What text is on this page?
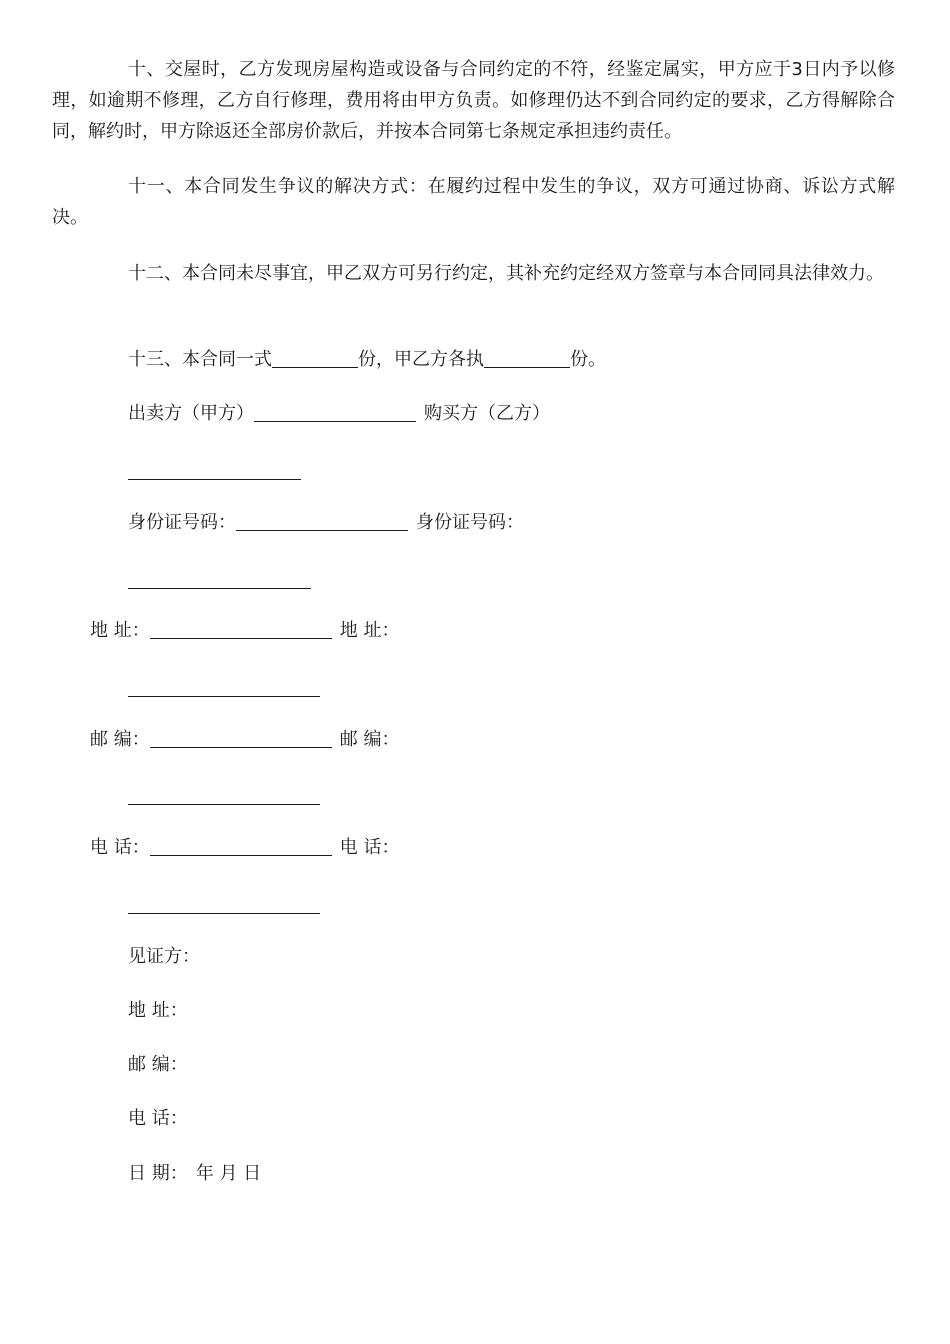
十、交屋时，乙方发现房屋构造或设备与合同约定的不符，经鉴定属实，甲方应于3日内予以修理，如逾期不修理，乙方自行修理，费用将由甲方负责。如修理仍达不到合同约定的要求，乙方得解除合同，解约时，甲方除返还全部房价款后，并按本合同第七条规定承担违约责任。

十一、本合同发生争议的解决方式：在履约过程中发生的争议，双方可通过协商、诉讼方式解决。

十二、本合同未尽事宜，甲乙双方可另行约定，其补充约定经双方签章与本合同同具法律效力。

十三、本合同一式	份，甲乙方各执	份。

出卖方（甲方）	购买方（乙方）

身份证号码：	身份证号码：

地 址：	地 址：

邮 编：	邮 编：

电 话：	电 话：

见证方：

地 址：

邮 编：

电 话：

日 期： 年 月 日
